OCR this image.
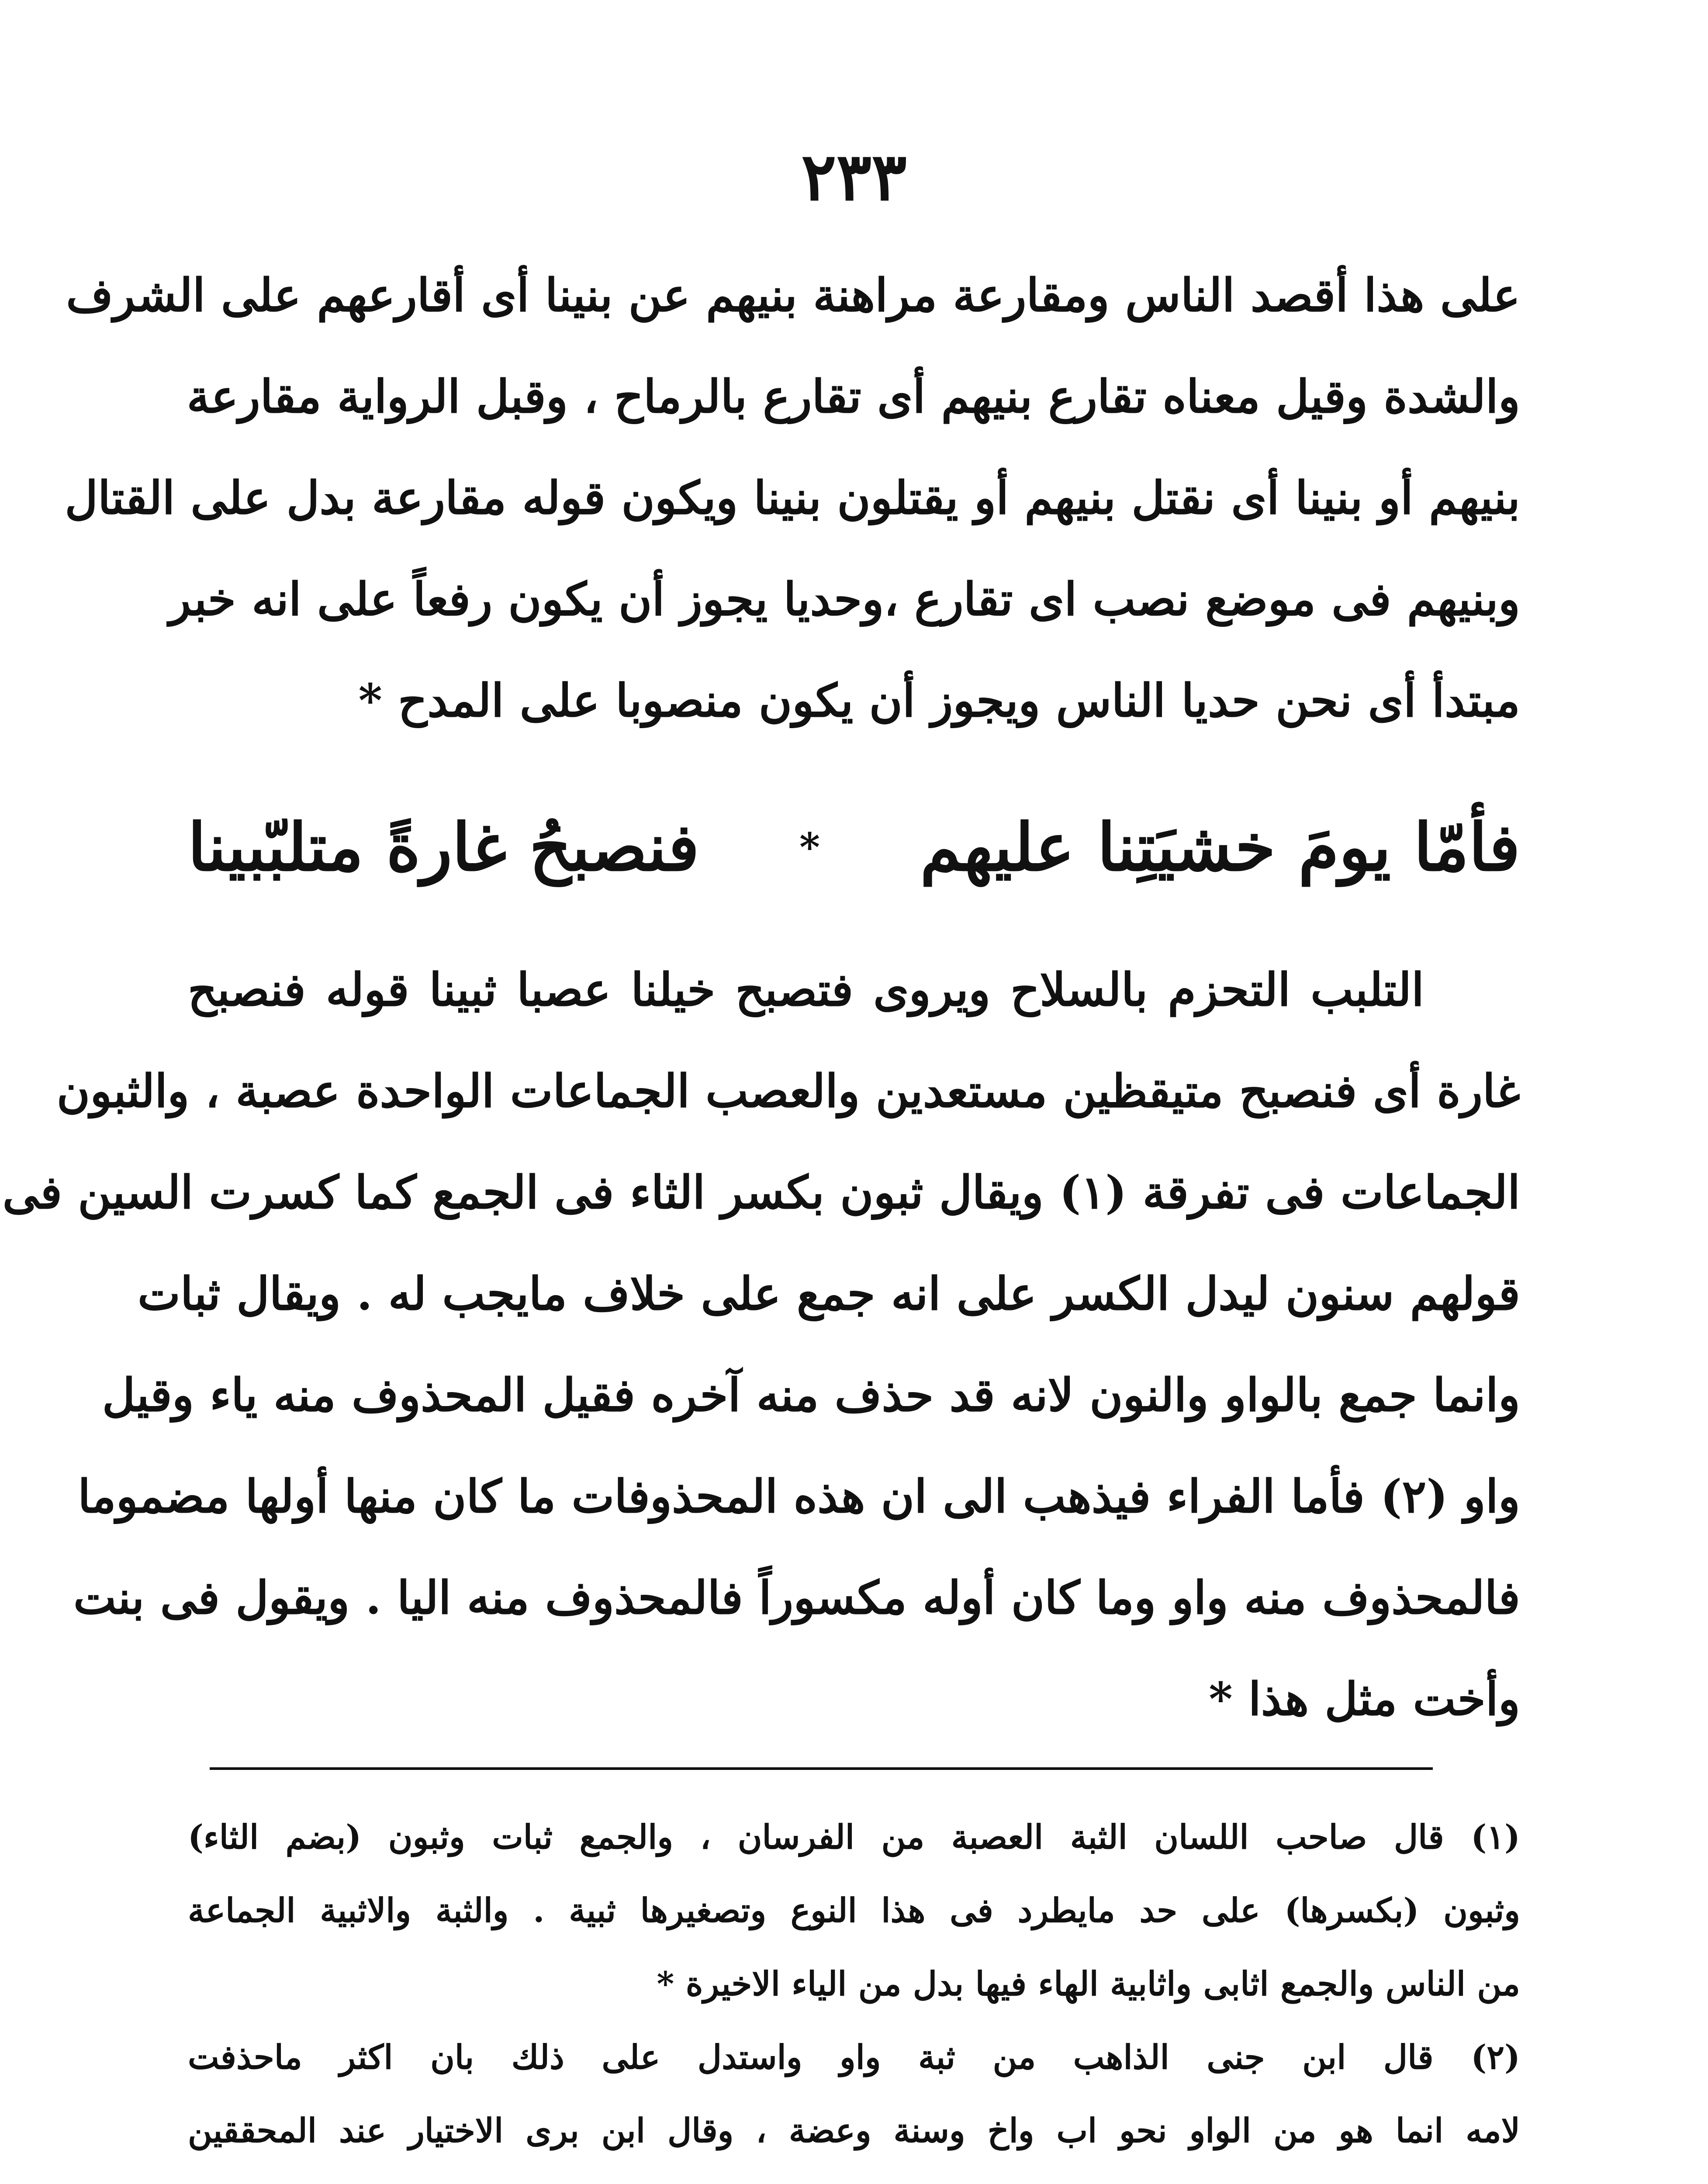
٢٣٣
على هذا أقصد الناس ومقارعة مراهنة بنيهم عن بنينا أى أقارعهم على الشرف
والشدة وقيل معناه تقارع بنيهم أى تقارع بالرماح ، وقبل الرواية مقارعة
بنيهم أو بنينا أى نقتل بنيهم أو يقتلون بنينا ويكون قوله مقارعة بدل على القتال
وبنيهم فى موضع نصب اى تقارع ،وحديا يجوز أن يكون رفعاً على انه خبر
مبتدأ أى نحن حديا الناس ويجوز أن يكون منصوبا على المدح *
فأمّا يومَ خشيَتِنا عليهم
*
فنصبحُ غارةً متلبّبينا
التلبب التحزم بالسلاح ويروى فتصبح خيلنا عصبا ثبينا قوله فنصبح
غارة أى فنصبح متيقظين مستعدين والعصب الجماعات الواحدة عصبة ، والثبون
الجماعات فى تفرقة (١) ويقال ثبون بكسر الثاء فى الجمع كما كسرت السين فى
قولهم سنون ليدل الكسر على انه جمع على خلاف مايجب له . ويقال ثبات
وانما جمع بالواو والنون لانه قد حذف منه آخره فقيل المحذوف منه ياء وقيل
واو (٢) فأما الفراء فيذهب الى ان هذه المحذوفات ما كان منها أولها مضموما
فالمحذوف منه واو وما كان أوله مكسوراً فالمحذوف منه اليا . ويقول فى بنت
وأخت مثل هذا *
(١) قال صاحب اللسان الثبة العصبة من الفرسان ، والجمع ثبات وثبون (بضم الثاء)
وثبون (بكسرها) على حد مايطرد فى هذا النوع وتصغيرها ثبية . والثبة والاثبية الجماعة
من الناس والجمع اثابى واثابية الهاء فيها بدل من الياء الاخيرة *
(٢) قال ابن جنى الذاهب من ثبة واو واستدل على ذلك بان اكثر ماحذفت
لامه انما هو من الواو نحو اب واخ وسنة وعضة ، وقال ابن برى الاختيار عند المحققين
